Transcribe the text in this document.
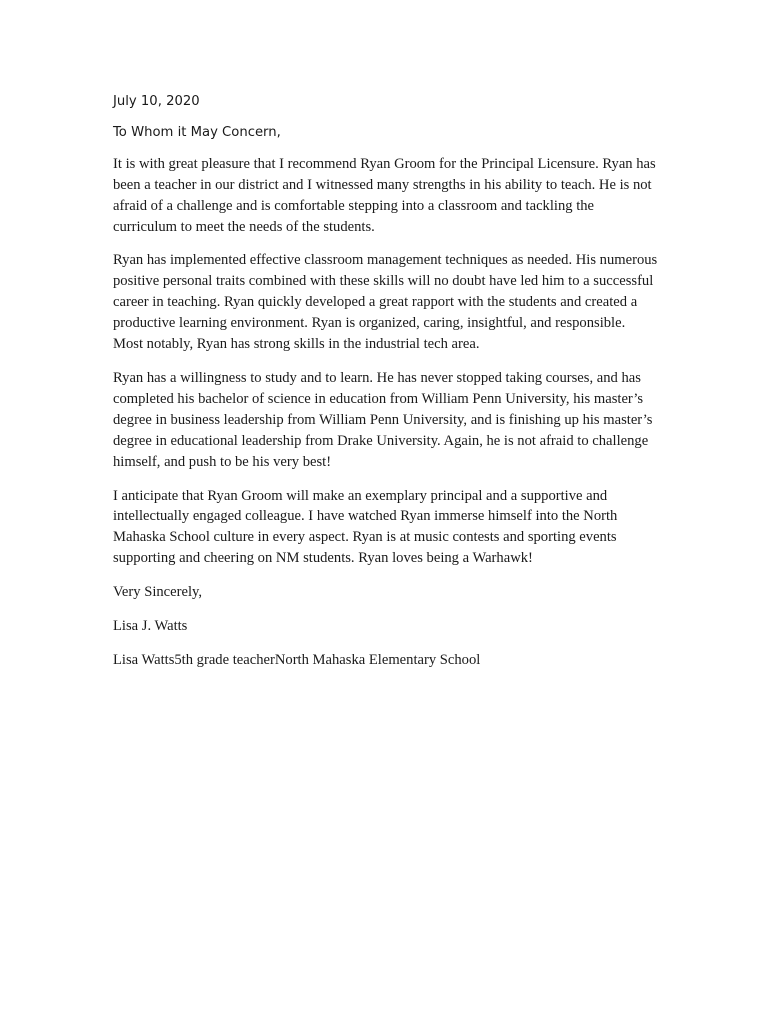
July 10, 2020
To Whom it May Concern,

It is with great pleasure that I recommend Ryan Groom for the Principal Licensure. Ryan has been a teacher in our district and I witnessed many strengths in his ability to teach. He is not afraid of a challenge and is comfortable stepping into a classroom and tackling the curriculum to meet the needs of the students.

Ryan has implemented effective classroom management techniques as needed. His numerous positive personal traits combined with these skills will no doubt have led him to a successful career in teaching. Ryan quickly developed a great rapport with the students and created a productive learning environment. Ryan is organized, caring, insightful, and responsible. Most notably, Ryan has strong skills in the industrial tech area.

Ryan has a willingness to study and to learn. He has never stopped taking courses, and has completed his bachelor of science in education from William Penn University, his master’s degree in business leadership from William Penn University, and is finishing up his master’s degree in educational leadership from Drake University. Again, he is not afraid to challenge himself, and push to be his very best!

I anticipate that Ryan Groom will make an exemplary principal and a supportive and intellectually engaged colleague. I have watched Ryan immerse himself into the North Mahaska School culture in every aspect. Ryan is at music contests and sporting events supporting and cheering on NM students. Ryan loves being a Warhawk!

Very Sincerely,
Lisa J. Watts
Lisa Watts5th grade teacherNorth Mahaska Elementary School
